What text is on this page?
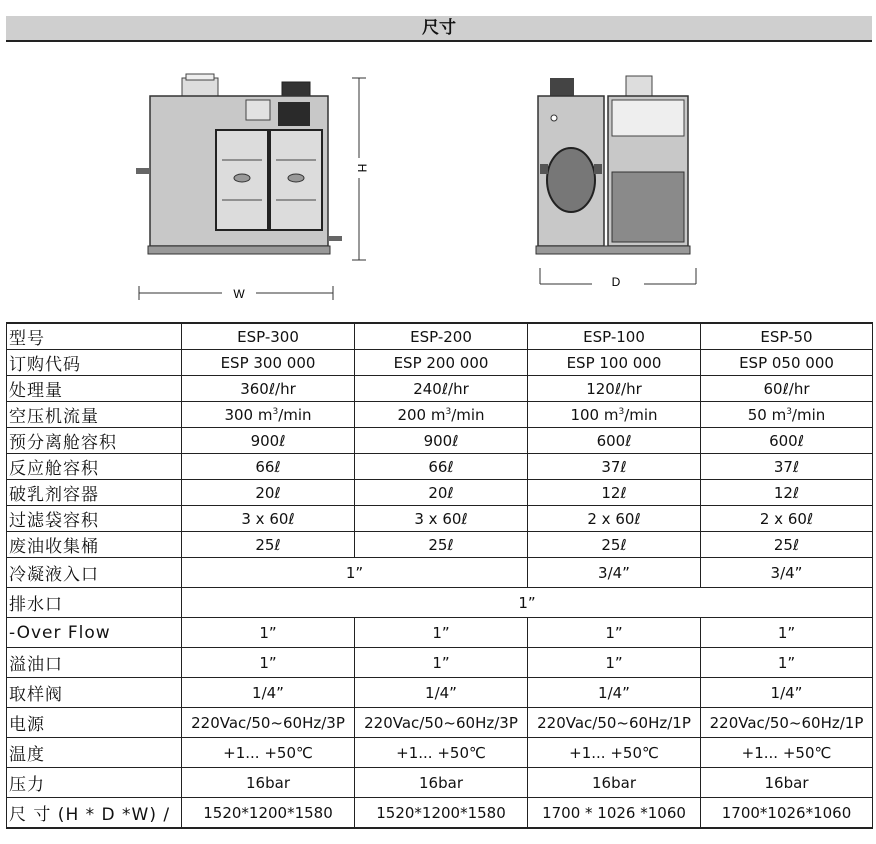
尺寸
H
W
D
型号	ESP-300	ESP-200	ESP-100	ESP-50
订购代码	ESP 300 000	ESP 200 000	ESP 100 000	ESP 050 000
处理量	360ℓ/hr	240ℓ/hr	120ℓ/hr	60ℓ/hr
空压机流量	300 $m^3/\min$	200 $m^3/\min$	100 $m^3/\min$	50 $m^3/\min$
预分离舱容积	900ℓ	900ℓ	600ℓ	600ℓ
反应舱容积	66ℓ	66ℓ	37ℓ	37ℓ
破乳剂容器	20ℓ	20ℓ	12ℓ	12ℓ
过滤袋容积	3 x 60ℓ	3 x 60ℓ	2 x 60ℓ	2 x 60ℓ
废油收集桶	25ℓ	25ℓ	25ℓ	25ℓ
冷凝液入口	1”		3/4”	3/4”
排水口	1”			
-Over Flow	1”	1”	1”	1”
溢油口	1”	1”	1”	1”
取样阀	1/4”	1/4”	1/4”	1/4”
电源	220Vac/50~60Hz/3P	220Vac/50~60Hz/3P	220Vac/50~60Hz/1P	220Vac/50~60Hz/1P
温度	+1... +50℃	+1... +50℃	+1... +50℃	+1... +50℃
压力	16bar	16bar	16bar	16bar
尺 寸 (H * D *W) /	1520*1200*1580	1520*1200*1580	1700 * 1026 *1060	1700*1026*1060
